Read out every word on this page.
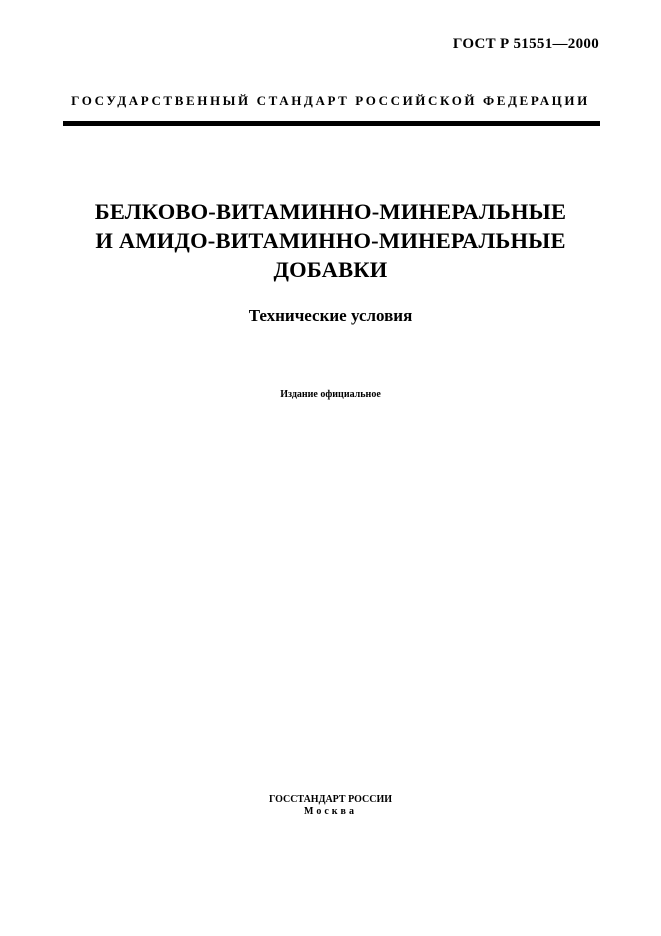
ГОСТ Р 51551—2000
ГОСУДАРСТВЕННЫЙ СТАНДАРТ РОССИЙСКОЙ ФЕДЕРАЦИИ
БЕЛКОВО-ВИТАМИННО-МИНЕРАЛЬНЫЕ
И АМИДО-ВИТАМИННО-МИНЕРАЛЬНЫЕ
ДОБАВКИ
Технические условия
Издание официальное
ГОССТАНДАРТ РОССИИ
Москва
